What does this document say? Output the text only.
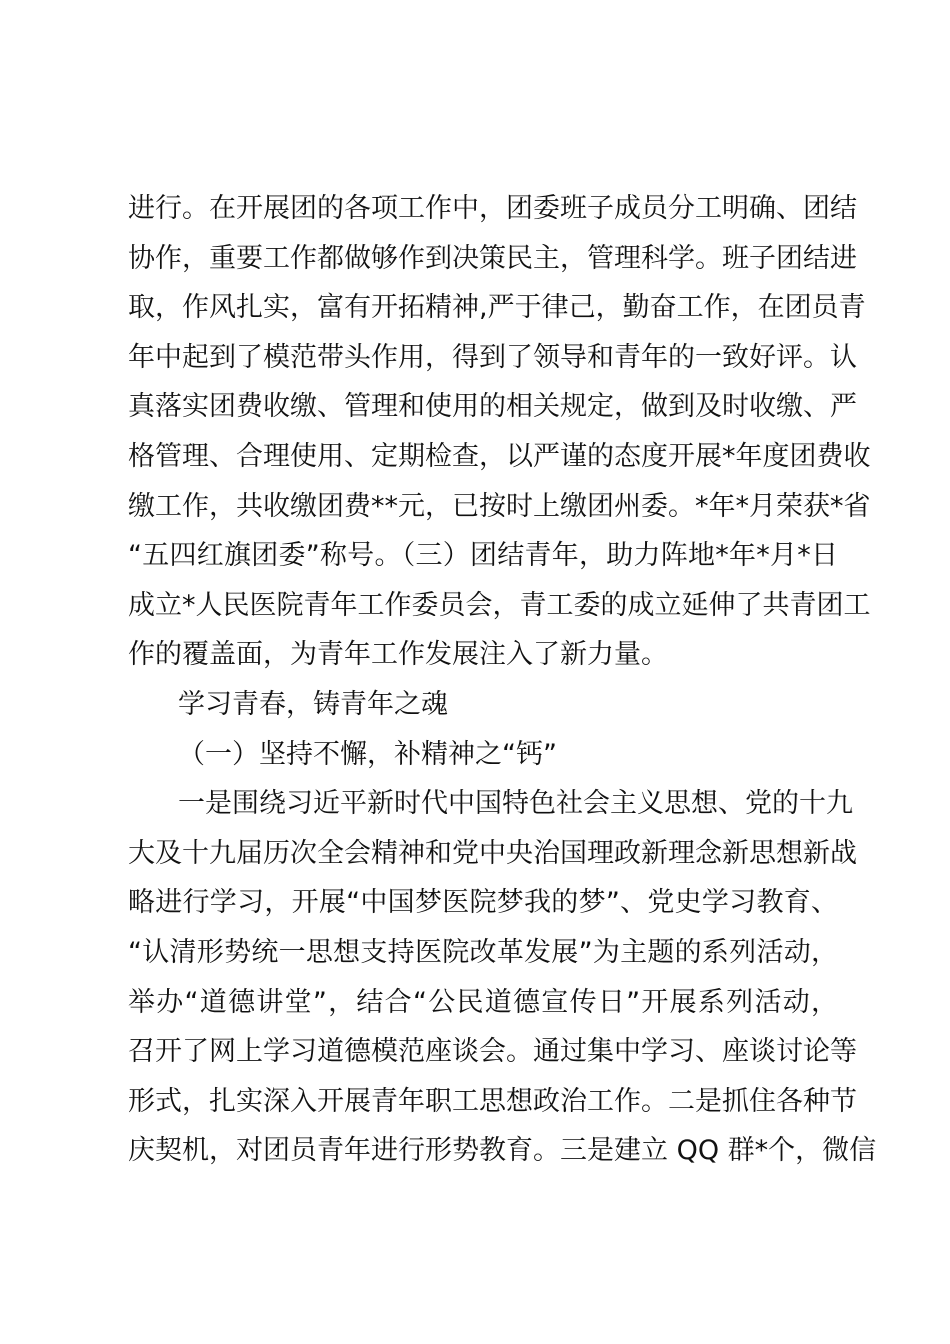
进行。在开展团的各项工作中，团委班子成员分工明确、团结
协作，重要工作都做够作到决策民主，管理科学。班子团结进
取，作风扎实，富有开拓精神,严于律己，勤奋工作，在团员青
年中起到了模范带头作用，得到了领导和青年的一致好评。认
真落实团费收缴、管理和使用的相关规定，做到及时收缴、严
格管理、合理使用、定期检查，以严谨的态度开展*年度团费收
缴工作，共收缴团费**元，已按时上缴团州委。*年*月荣获*省
“五四红旗团委”称号。（三）团结青年，助力阵地*年*月*日
成立*人民医院青年工作委员会，青工委的成立延伸了共青团工
作的覆盖面，为青年工作发展注入了新力量。
学习青春，铸青年之魂
（一）坚持不懈，补精神之“钙”
一是围绕习近平新时代中国特色社会主义思想、党的十九
大及十九届历次全会精神和党中央治国理政新理念新思想新战
略进行学习，开展“中国梦医院梦我的梦”、党史学习教育、
“认清形势统一思想支持医院改革发展”为主题的系列活动，
举办“道德讲堂”，结合“公民道德宣传日”开展系列活动，
召开了网上学习道德模范座谈会。通过集中学习、座谈讨论等
形式，扎实深入开展青年职工思想政治工作。二是抓住各种节
庆契机，对团员青年进行形势教育。三是建立 QQ 群*个，微信
